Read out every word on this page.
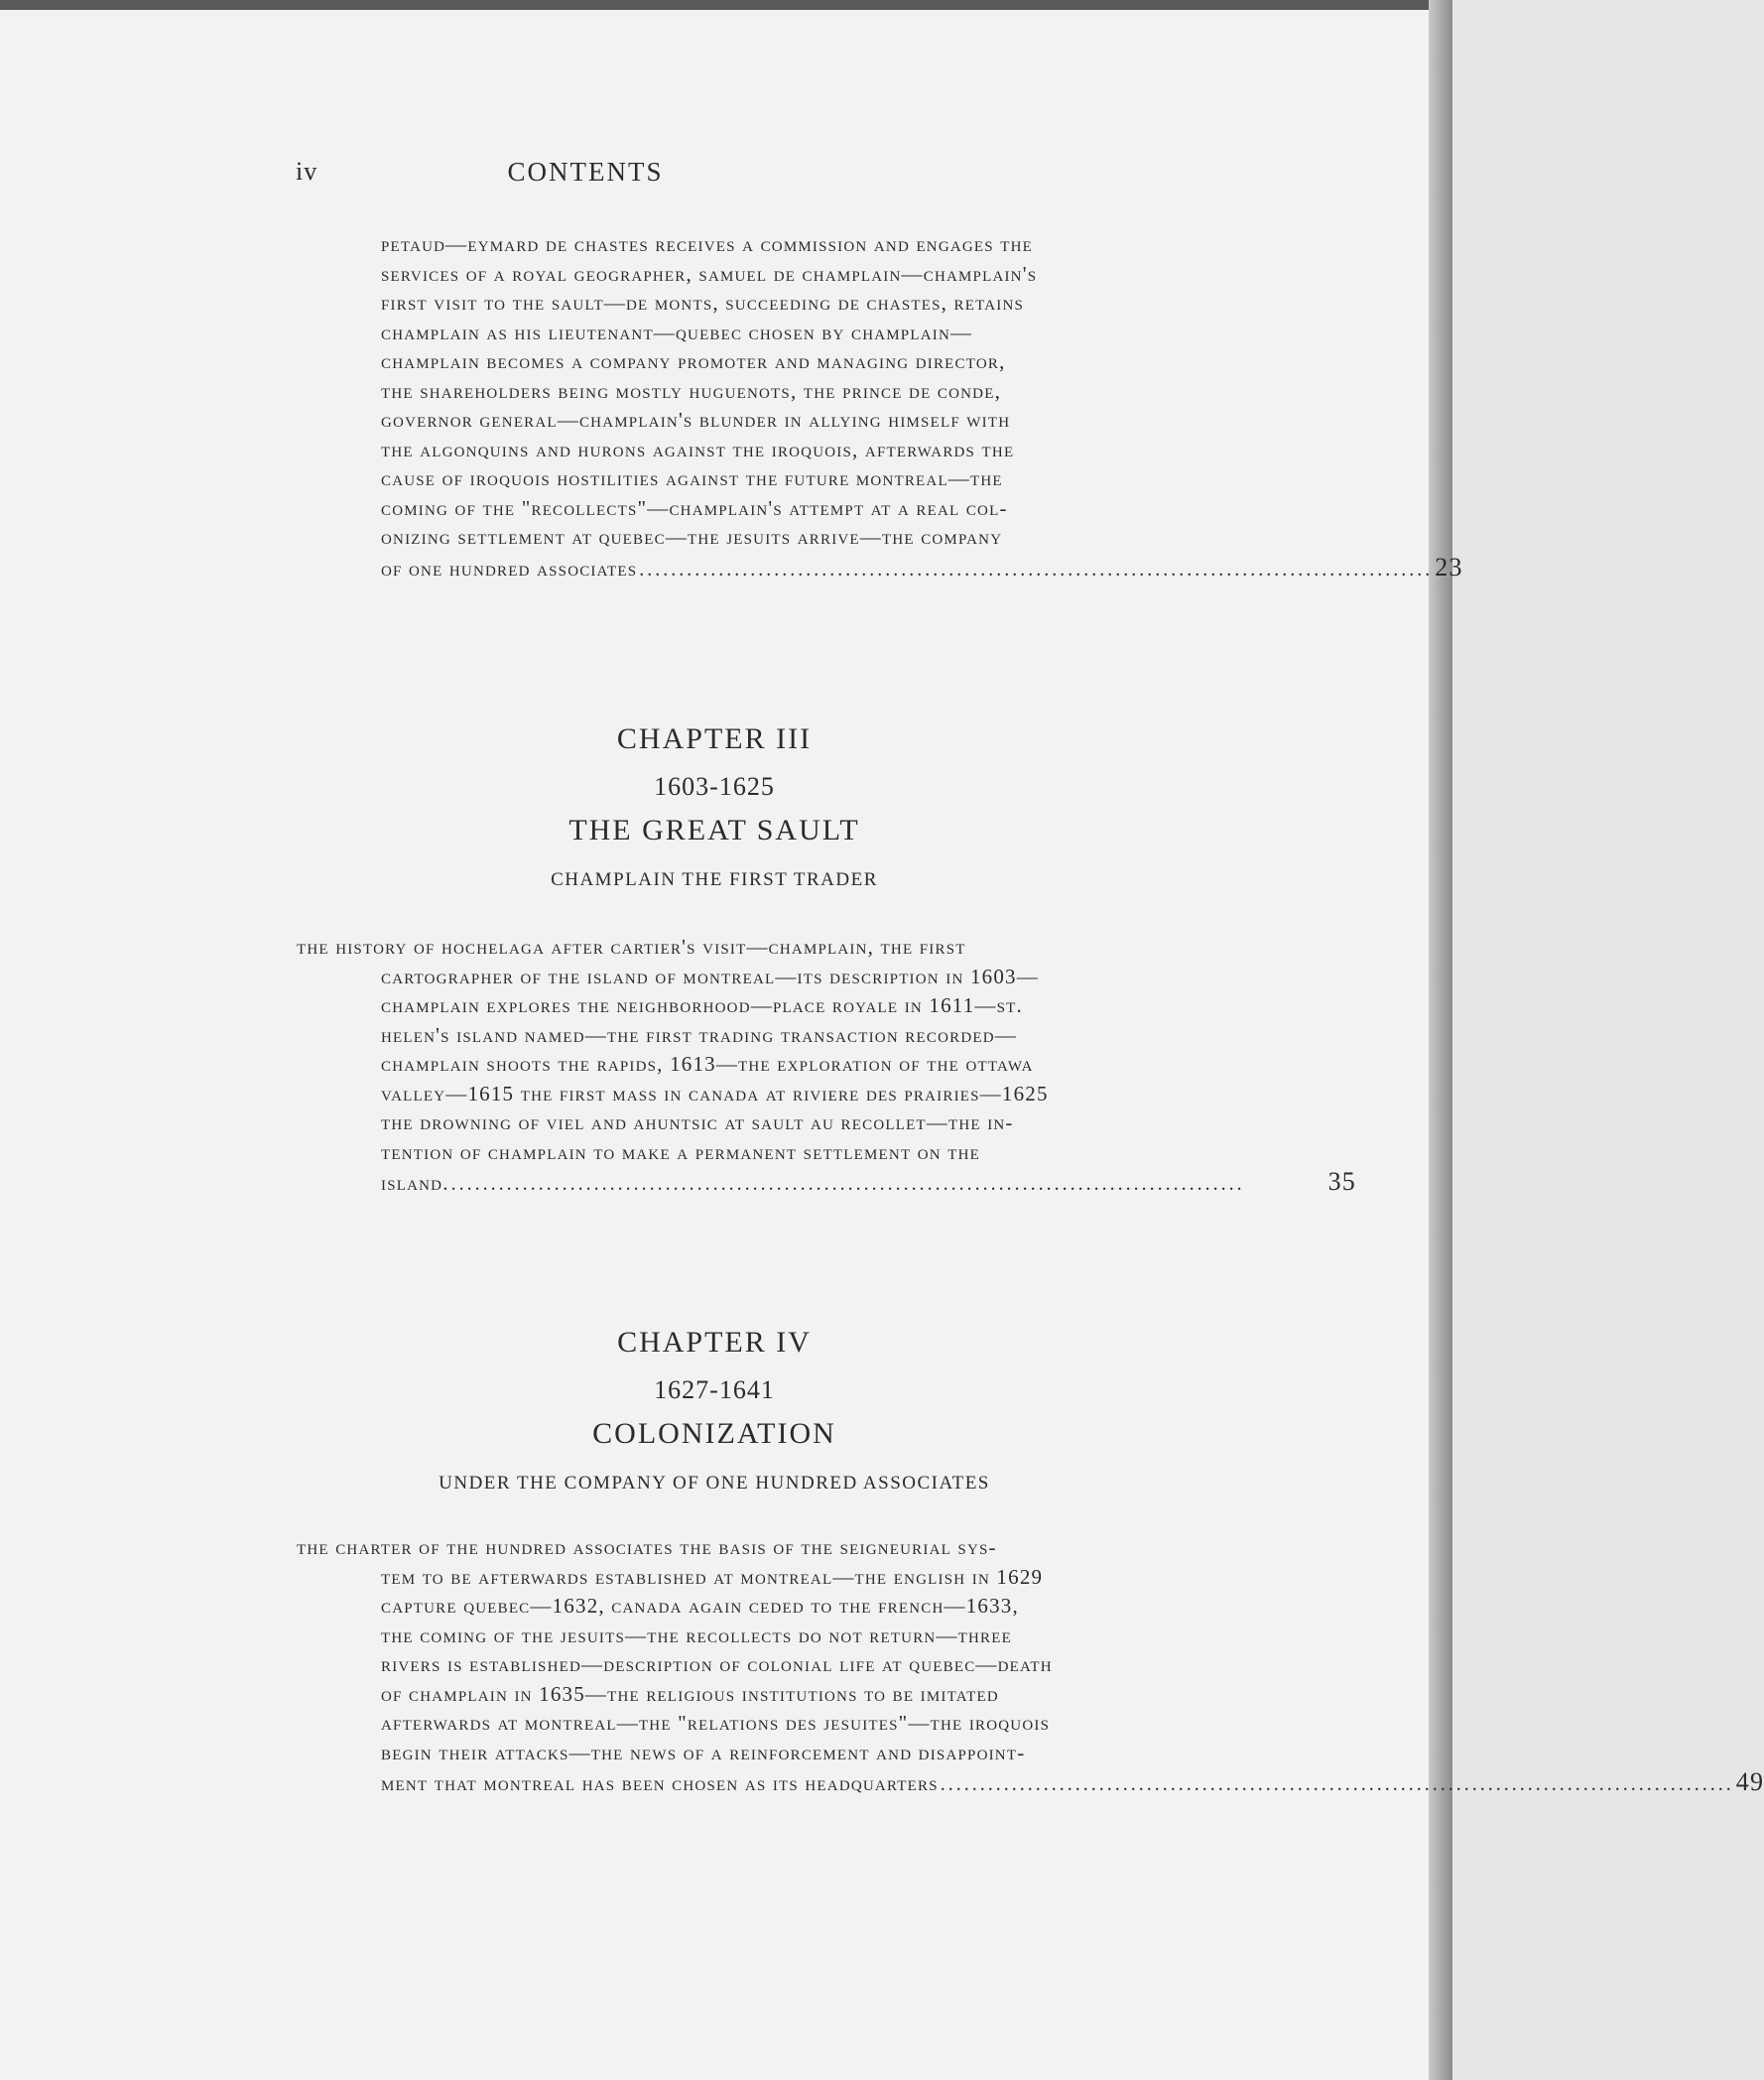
iv	CONTENTS
petaud—eymard de chastes receives a commission and engages the
services of a royal geographer, samuel de champlain—champlain's
first visit to the sault—de monts, succeeding de chastes, retains
champlain as his lieutenant—quebec chosen by champlain—
champlain becomes a company promoter and managing director,
the shareholders being mostly huguenots, the prince de conde,
governor general—champlain's blunder in allying himself with
the algonquins and hurons against the iroquois, afterwards the
cause of iroquois hostilities against the future montreal—the
coming of the "recollects"—champlain's attempt at a real col-
onizing settlement at quebec—the jesuits arrive—the company
of one hundred associates .................................................................................................... 23
CHAPTER III
1603-1625
THE GREAT SAULT
CHAMPLAIN THE FIRST TRADER
the history of hochelaga after cartier's visit—champlain, the first
cartographer of the island of montreal—its description in 1603—
champlain explores the neighborhood—place royale in 1611—st.
helen's island named—the first trading transaction recorded—
champlain shoots the rapids, 1613—the exploration of the ottawa
valley—1615 the first mass in canada at riviere des prairies—1625
the drowning of viel and ahuntsic at sault au recollet—the in-
tention of champlain to make a permanent settlement on the
island. ....................................................................................................	35
CHAPTER IV
1627-1641
COLONIZATION
UNDER THE COMPANY OF ONE HUNDRED ASSOCIATES
the charter of the hundred associates the basis of the seigneurial sys-
tem to be afterwards established at montreal—the english in 1629
capture quebec—1632, canada again ceded to the french—1633,
the coming of the jesuits—the recollects do not return—three
rivers is established—description of colonial life at quebec—death
of champlain in 1635—the religious institutions to be imitated
afterwards at montreal—the "relations des jesuites"—the iroquois
begin their attacks—the news of a reinforcement and disappoint-
ment that montreal has been chosen as its headquarters .................................................................................................... 49
